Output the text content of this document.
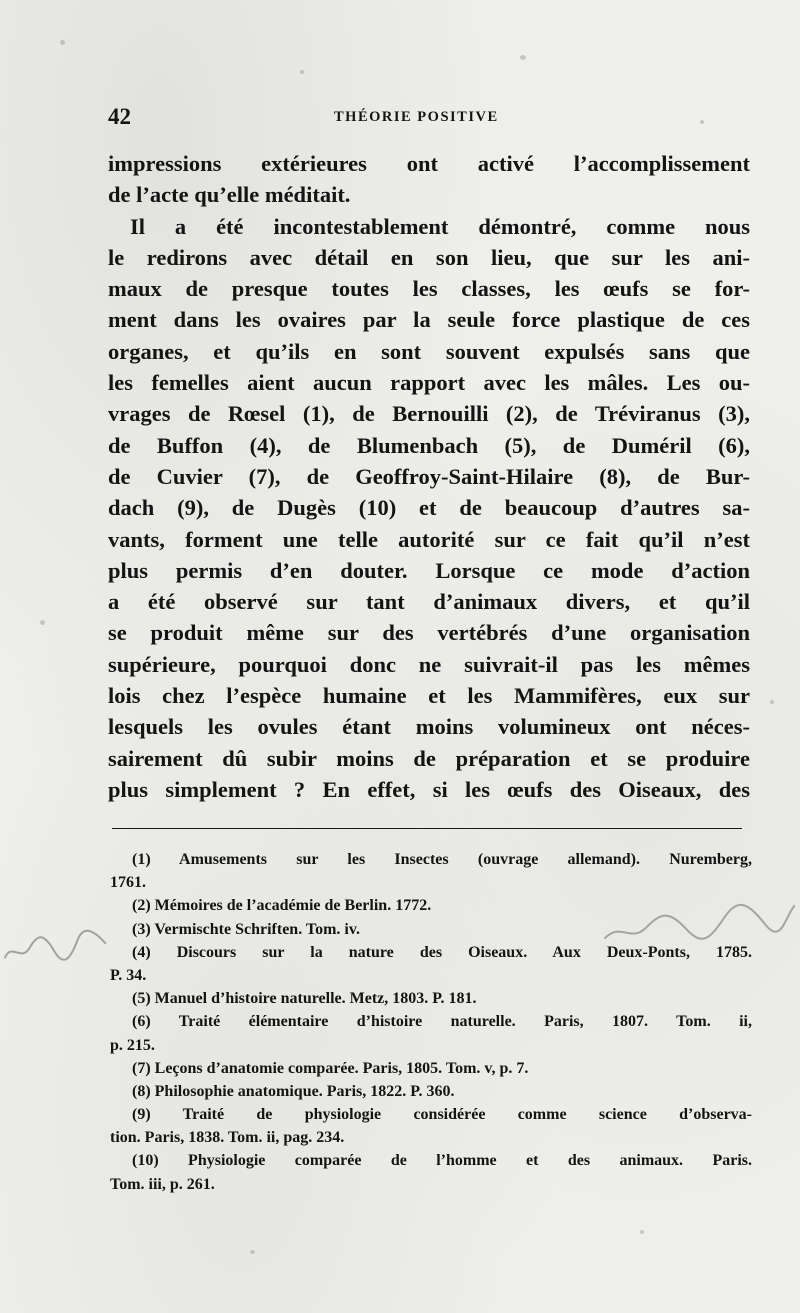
42	THÉORIE POSITIVE
impressions extérieures ont activé l’accomplissement
de l’acte qu’elle méditait.
Il a été incontestablement démontré, comme nous
le redirons avec détail en son lieu, que sur les ani-
maux de presque toutes les classes, les œufs se for-
ment dans les ovaires par la seule force plastique de ces
organes, et qu’ils en sont souvent expulsés sans que
les femelles aient aucun rapport avec les mâles. Les ou-
vrages de Rœsel (1), de Bernouilli (2), de Tréviranus (3),
de Buffon (4), de Blumenbach (5), de Duméril (6),
de Cuvier (7), de Geoffroy-Saint-Hilaire (8), de Bur-
dach (9), de Dugès (10) et de beaucoup d’autres sa-
vants, forment une telle autorité sur ce fait qu’il n’est
plus permis d’en douter. Lorsque ce mode d’action
a été observé sur tant d’animaux divers, et qu’il
se produit même sur des vertébrés d’une organisation
supérieure, pourquoi donc ne suivrait-il pas les mêmes
lois chez l’espèce humaine et les Mammifères, eux sur
lesquels les ovules étant moins volumineux ont néces-
sairement dû subir moins de préparation et se produire
plus simplement ? En effet, si les œufs des Oiseaux, des
(1) Amusements sur les Insectes (ouvrage allemand). Nuremberg,
1761.
(2) Mémoires de l’académie de Berlin. 1772.
(3) Vermischte Schriften. Tom. iv.
(4) Discours sur la nature des Oiseaux. Aux Deux-Ponts, 1785.
P. 34.
(5) Manuel d’histoire naturelle. Metz, 1803. P. 181.
(6) Traité élémentaire d’histoire naturelle. Paris, 1807. Tom. ii,
p. 215.
(7) Leçons d’anatomie comparée. Paris, 1805. Tom. v, p. 7.
(8) Philosophie anatomique. Paris, 1822. P. 360.
(9) Traité de physiologie considérée comme science d’observa-
tion. Paris, 1838. Tom. ii, pag. 234.
(10) Physiologie comparée de l’homme et des animaux. Paris.
Tom. iii, p. 261.
